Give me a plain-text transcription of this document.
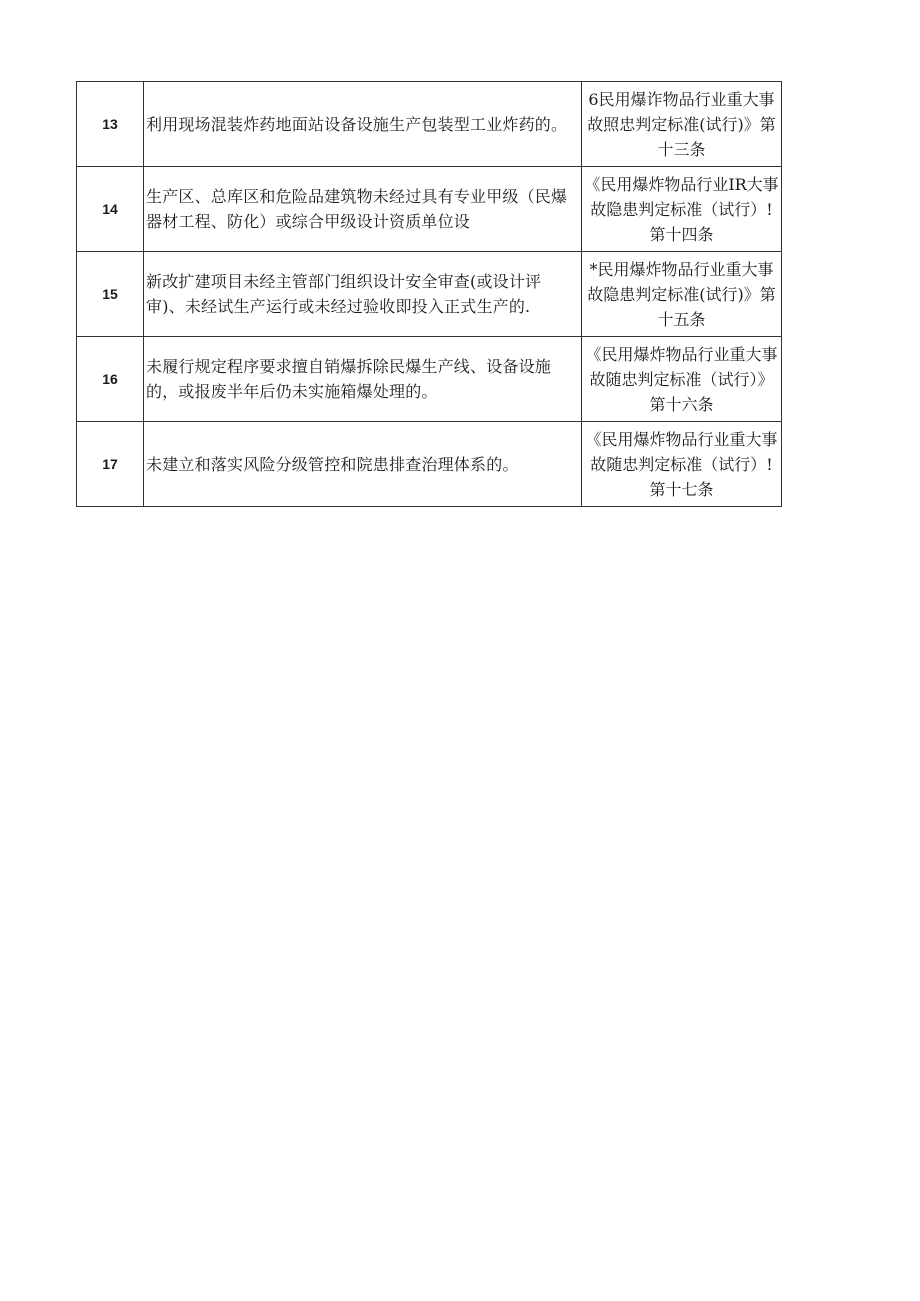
13	利用现场混装炸药地面站设备设施生产包装型工业炸药的。	6民用爆诈物品行业重大事故照忠判定标准(试行)》第十三条

14	生产区、总库区和危险品建筑物未经过具有专业甲级（民爆器材工程、防化）或综合甲级设计资质单位设	《民用爆炸物品行业IR大事故隐患判定标准（试行）!第十四条

15	新改扩建项目未经主管部门组织设计安全审查(或设计评审)、未经试生产运行或未经过验收即投入正式生产的.	*民用爆炸物品行业重大事故隐患判定标准(试行)》第十五条

16	未履行规定程序要求擅自销爆拆除民爆生产线、设备设施的，或报废半年后仍未实施箱爆处理的。	《民用爆炸物品行业重大事故随忠判定标准（试行）》第十六条

17	未建立和落实风险分级管控和院患排查治理体系的。	《民用爆炸物品行业重大事故随忠判定标准（试行）!第十七条
